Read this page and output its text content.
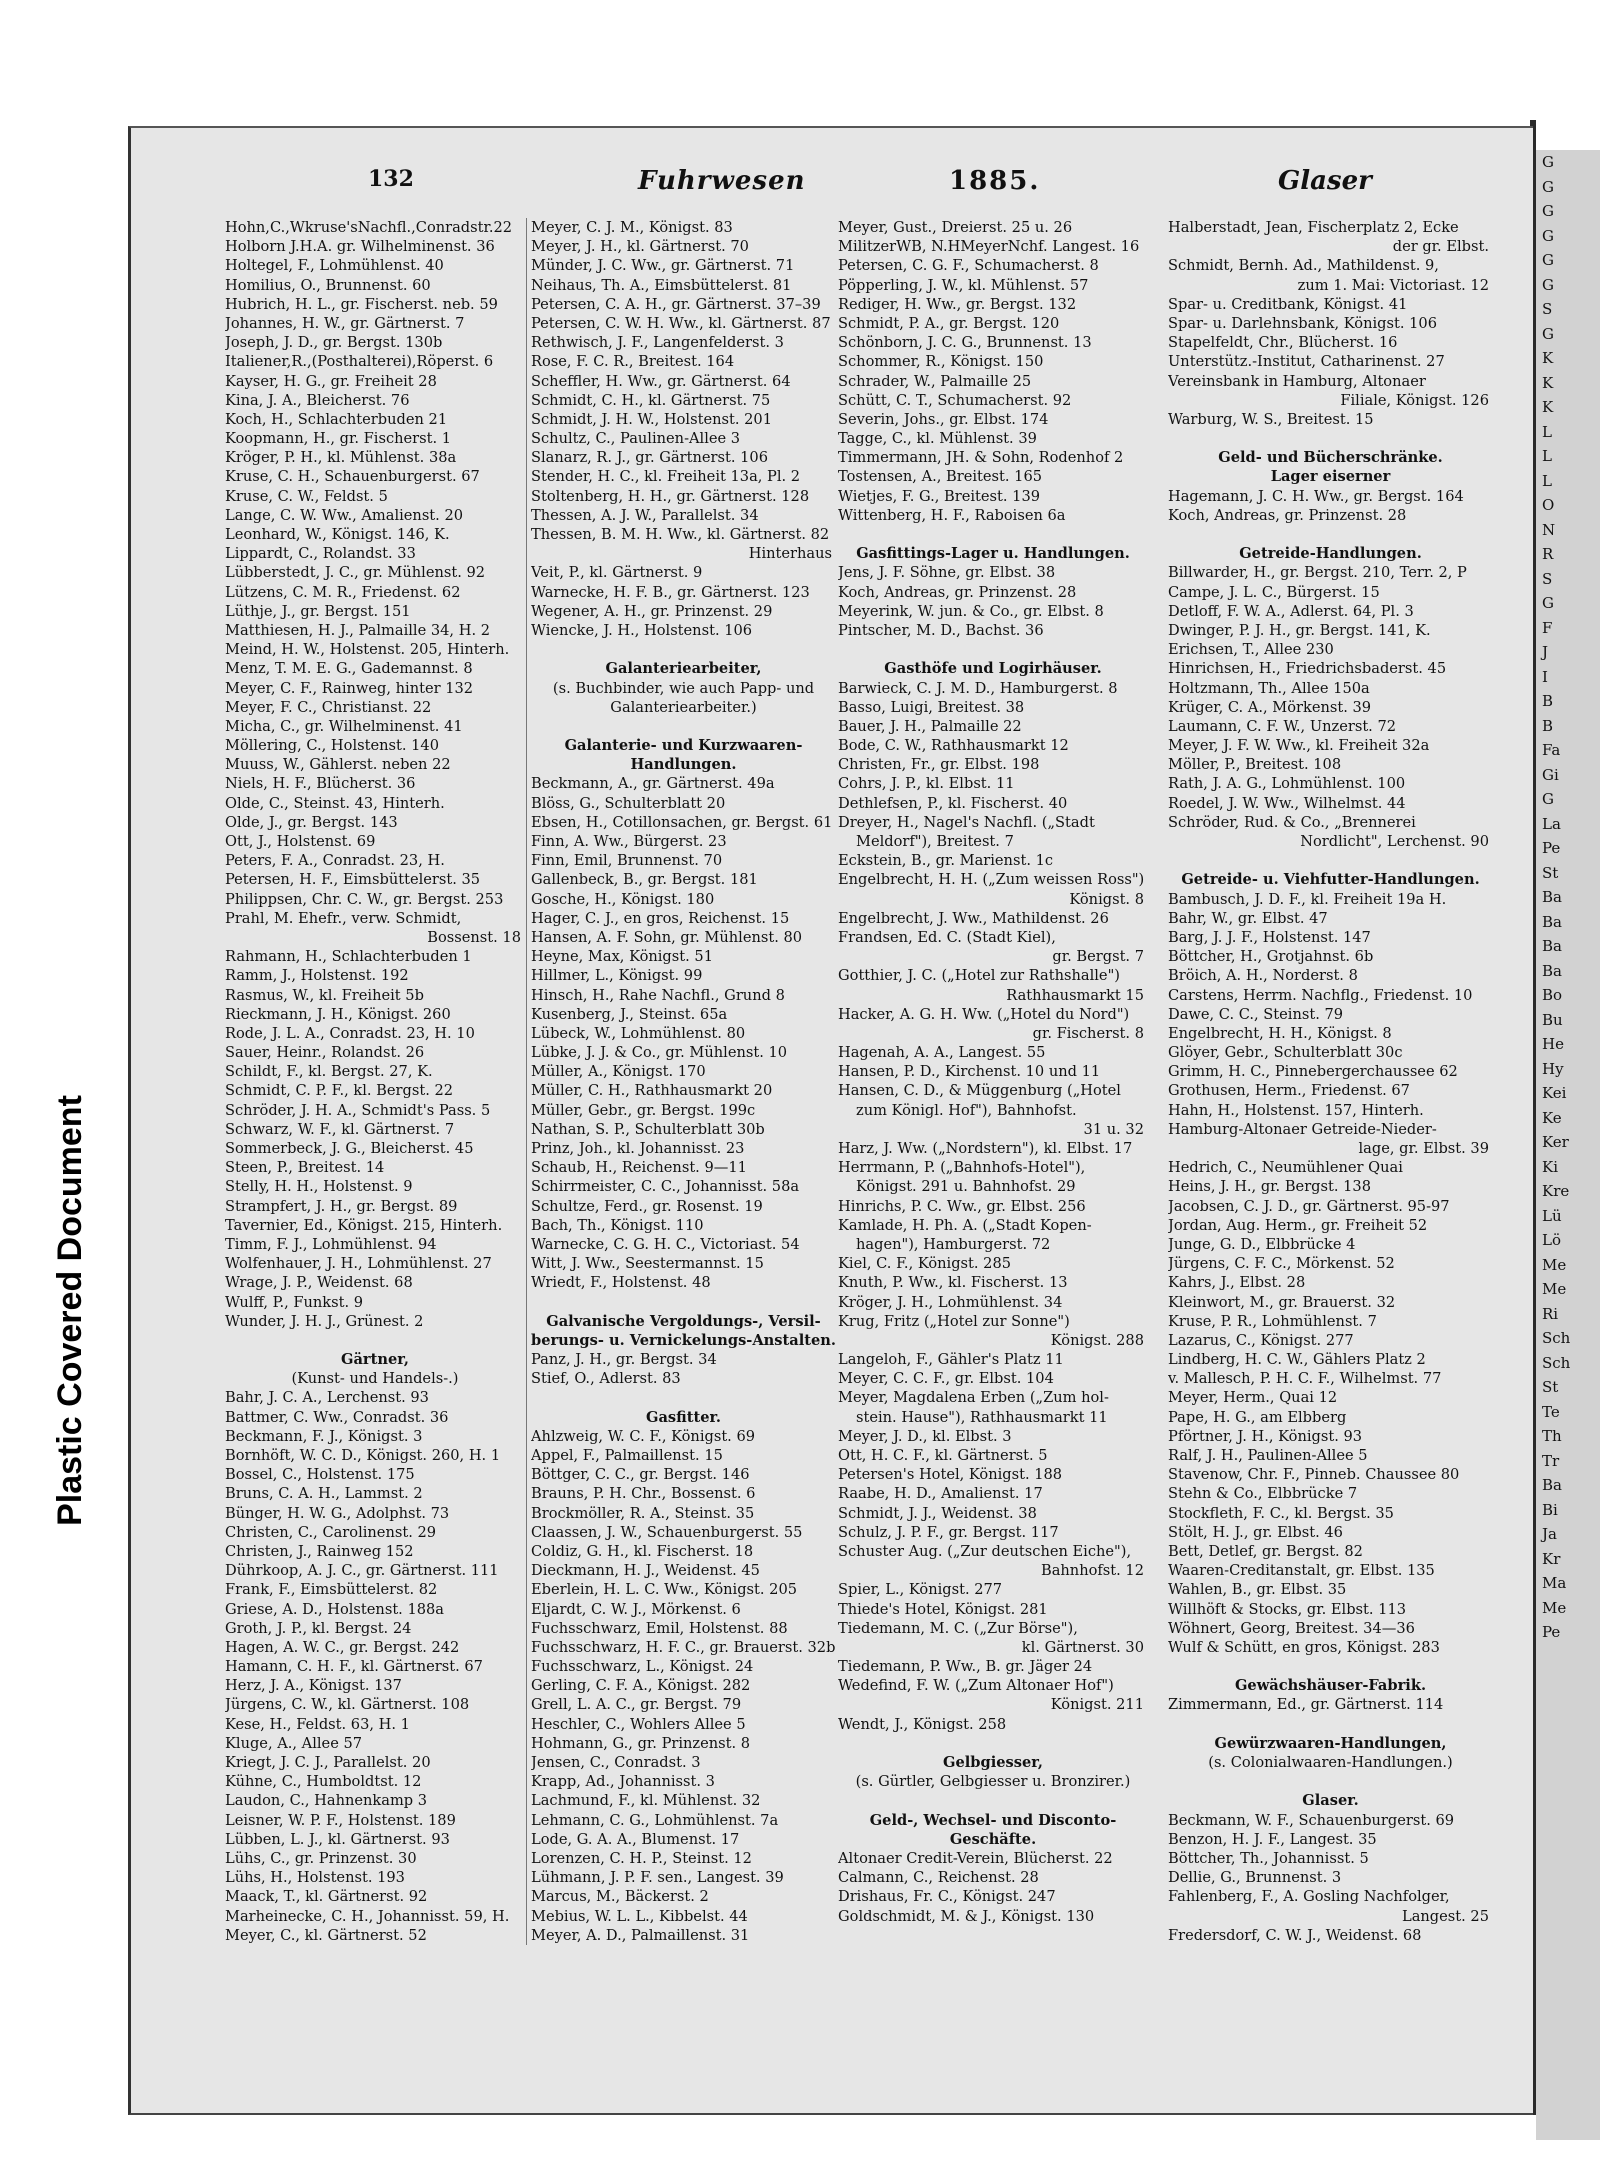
Plastic Covered Document
G
G
G
G
G
G
S
G
K
K
K
L
L
L
O
N
R
S
G
F
J
I
B
B
Fa
Gi
G
La
Pe
St
Ba
Ba
Ba
Ba
Bo
Bu
He
Hy
Kei
Ke
Ker
Ki
Kre
Lü
Lö
Me
Me
Ri
Sch
Sch
St
Te
Th
Tr
Ba
Bi
Ja
Kr
Ma
Me
Pe
132	Fuhrwesen	1885.	Glaser
Hohn,C.,Wkruse'sNachfl.,Conradstr.22
Holborn J.H.A. gr. Wilhelminenst. 36
Holtegel, F., Lohmühlenst. 40
Homilius, O., Brunnenst. 60
Hubrich, H. L., gr. Fischerst. neb. 59
Johannes, H. W., gr. Gärtnerst. 7
Joseph, J. D., gr. Bergst. 130b
Italiener,R.,(Posthalterei),Röperst. 6
Kayser, H. G., gr. Freiheit 28
Kina, J. A., Bleicherst. 76
Koch, H., Schlachterbuden 21
Koopmann, H., gr. Fischerst. 1
Kröger, P. H., kl. Mühlenst. 38a
Kruse, C. H., Schauenburgerst. 67
Kruse, C. W., Feldst. 5
Lange, C. W. Ww., Amalienst. 20
Leonhard, W., Königst. 146, K.
Lippardt, C., Rolandst. 33
Lübberstedt, J. C., gr. Mühlenst. 92
Lützens, C. M. R., Friedenst. 62
Lüthje, J., gr. Bergst. 151
Matthiesen, H. J., Palmaille 34, H. 2
Meind, H. W., Holstenst. 205, Hinterh.
Menz, T. M. E. G., Gademannst. 8
Meyer, C. F., Rainweg, hinter 132
Meyer, F. C., Christianst. 22
Micha, C., gr. Wilhelminenst. 41
Möllering, C., Holstenst. 140
Muuss, W., Gählerst. neben 22
Niels, H. F., Blücherst. 36
Olde, C., Steinst. 43, Hinterh.
Olde, J., gr. Bergst. 143
Ott, J., Holstenst. 69
Peters, F. A., Conradst. 23, H.
Petersen, H. F., Eimsbüttelerst. 35
Philippsen, Chr. C. W., gr. Bergst. 253
Prahl, M. Ehefr., verw. Schmidt,
Bossenst. 18
Rahmann, H., Schlachterbuden 1
Ramm, J., Holstenst. 192
Rasmus, W., kl. Freiheit 5b
Rieckmann, J. H., Königst. 260
Rode, J. L. A., Conradst. 23, H. 10
Sauer, Heinr., Rolandst. 26
Schildt, F., kl. Bergst. 27, K.
Schmidt, C. P. F., kl. Bergst. 22
Schröder, J. H. A., Schmidt's Pass. 5
Schwarz, W. F., kl. Gärtnerst. 7
Sommerbeck, J. G., Bleicherst. 45
Steen, P., Breitest. 14
Stelly, H. H., Holstenst. 9
Strampfert, J. H., gr. Bergst. 89
Tavernier, Ed., Königst. 215, Hinterh.
Timm, F. J., Lohmühlenst. 94
Wolfenhauer, J. H., Lohmühlenst. 27
Wrage, J. P., Weidenst. 68
Wulff, P., Funkst. 9
Wunder, J. H. J., Grünest. 2
Gärtner,
(Kunst- und Handels-.)
Bahr, J. C. A., Lerchenst. 93
Battmer, C. Ww., Conradst. 36
Beckmann, F. J., Königst. 3
Bornhöft, W. C. D., Königst. 260, H. 1
Bossel, C., Holstenst. 175
Bruns, C. A. H., Lammst. 2
Bünger, H. W. G., Adolphst. 73
Christen, C., Carolinenst. 29
Christen, J., Rainweg 152
Dührkoop, A. J. C., gr. Gärtnerst. 111
Frank, F., Eimsbüttelerst. 82
Griese, A. D., Holstenst. 188a
Groth, J. P., kl. Bergst. 24
Hagen, A. W. C., gr. Bergst. 242
Hamann, C. H. F., kl. Gärtnerst. 67
Herz, J. A., Königst. 137
Jürgens, C. W., kl. Gärtnerst. 108
Kese, H., Feldst. 63, H. 1
Kluge, A., Allee 57
Kriegt, J. C. J., Parallelst. 20
Kühne, C., Humboldtst. 12
Laudon, C., Hahnenkamp 3
Leisner, W. P. F., Holstenst. 189
Lübben, L. J., kl. Gärtnerst. 93
Lühs, C., gr. Prinzenst. 30
Lühs, H., Holstenst. 193
Maack, T., kl. Gärtnerst. 92
Marheinecke, C. H., Johannisst. 59, H.
Meyer, C., kl. Gärtnerst. 52
Meyer, C. J. M., Königst. 83
Meyer, J. H., kl. Gärtnerst. 70
Münder, J. C. Ww., gr. Gärtnerst. 71
Neihaus, Th. A., Eimsbüttelerst. 81
Petersen, C. A. H., gr. Gärtnerst. 37–39
Petersen, C. W. H. Ww., kl. Gärtnerst. 87
Rethwisch, J. F., Langenfelderst. 3
Rose, F. C. R., Breitest. 164
Scheffler, H. Ww., gr. Gärtnerst. 64
Schmidt, C. H., kl. Gärtnerst. 75
Schmidt, J. H. W., Holstenst. 201
Schultz, C., Paulinen-Allee 3
Slanarz, R. J., gr. Gärtnerst. 106
Stender, H. C., kl. Freiheit 13a, Pl. 2
Stoltenberg, H. H., gr. Gärtnerst. 128
Thessen, A. J. W., Parallelst. 34
Thessen, B. M. H. Ww., kl. Gärtnerst. 82
Hinterhaus
Veit, P., kl. Gärtnerst. 9
Warnecke, H. F. B., gr. Gärtnerst. 123
Wegener, A. H., gr. Prinzenst. 29
Wiencke, J. H., Holstenst. 106
Galanteriearbeiter,
(s. Buchbinder, wie auch Papp- und
Galanteriearbeiter.)
Galanterie- und Kurzwaaren-
Handlungen.
Beckmann, A., gr. Gärtnerst. 49a
Blöss, G., Schulterblatt 20
Ebsen, H., Cotillonsachen, gr. Bergst. 61
Finn, A. Ww., Bürgerst. 23
Finn, Emil, Brunnenst. 70
Gallenbeck, B., gr. Bergst. 181
Gosche, H., Königst. 180
Hager, C. J., en gros, Reichenst. 15
Hansen, A. F. Sohn, gr. Mühlenst. 80
Heyne, Max, Königst. 51
Hillmer, L., Königst. 99
Hinsch, H., Rahe Nachfl., Grund 8
Kusenberg, J., Steinst. 65a
Lübeck, W., Lohmühlenst. 80
Lübke, J. J. & Co., gr. Mühlenst. 10
Müller, A., Königst. 170
Müller, C. H., Rathhausmarkt 20
Müller, Gebr., gr. Bergst. 199c
Nathan, S. P., Schulterblatt 30b
Prinz, Joh., kl. Johannisst. 23
Schaub, H., Reichenst. 9—11
Schirrmeister, C. C., Johannisst. 58a
Schultze, Ferd., gr. Rosenst. 19
Bach, Th., Königst. 110
Warnecke, C. G. H. C., Victoriast. 54
Witt, J. Ww., Seestermannst. 15
Wriedt, F., Holstenst. 48
Galvanische Vergoldungs-, Versil-
berungs- u. Vernickelungs-Anstalten.
Panz, J. H., gr. Bergst. 34
Stief, O., Adlerst. 83
Gasfitter.
Ahlzweig, W. C. F., Königst. 69
Appel, F., Palmaillenst. 15
Böttger, C. C., gr. Bergst. 146
Brauns, P. H. Chr., Bossenst. 6
Brockmöller, R. A., Steinst. 35
Claassen, J. W., Schauenburgerst. 55
Coldiz, G. H., kl. Fischerst. 18
Dieckmann, H. J., Weidenst. 45
Eberlein, H. L. C. Ww., Königst. 205
Eljardt, C. W. J., Mörkenst. 6
Fuchsschwarz, Emil, Holstenst. 88
Fuchsschwarz, H. F. C., gr. Brauerst. 32b
Fuchsschwarz, L., Königst. 24
Gerling, C. F. A., Königst. 282
Grell, L. A. C., gr. Bergst. 79
Heschler, C., Wohlers Allee 5
Hohmann, G., gr. Prinzenst. 8
Jensen, C., Conradst. 3
Krapp, Ad., Johannisst. 3
Lachmund, F., kl. Mühlenst. 32
Lehmann, C. G., Lohmühlenst. 7a
Lode, G. A. A., Blumenst. 17
Lorenzen, C. H. P., Steinst. 12
Lühmann, J. P. F. sen., Langest. 39
Marcus, M., Bäckerst. 2
Mebius, W. L. L., Kibbelst. 44
Meyer, A. D., Palmaillenst. 31
Meyer, Gust., Dreierst. 25 u. 26
MilitzerWB, N.HMeyerNchf. Langest. 16
Petersen, C. G. F., Schumacherst. 8
Pöpperling, J. W., kl. Mühlenst. 57
Rediger, H. Ww., gr. Bergst. 132
Schmidt, P. A., gr. Bergst. 120
Schönborn, J. C. G., Brunnenst. 13
Schommer, R., Königst. 150
Schrader, W., Palmaille 25
Schütt, C. T., Schumacherst. 92
Severin, Johs., gr. Elbst. 174
Tagge, C., kl. Mühlenst. 39
Timmermann, JH. & Sohn, Rodenhof 2
Tostensen, A., Breitest. 165
Wietjes, F. G., Breitest. 139
Wittenberg, H. F., Raboisen 6a
Gasfittings-Lager u. Handlungen.
Jens, J. F. Söhne, gr. Elbst. 38
Koch, Andreas, gr. Prinzenst. 28
Meyerink, W. jun. & Co., gr. Elbst. 8
Pintscher, M. D., Bachst. 36
Gasthöfe und Logirhäuser.
Barwieck, C. J. M. D., Hamburgerst. 8
Basso, Luigi, Breitest. 38
Bauer, J. H., Palmaille 22
Bode, C. W., Rathhausmarkt 12
Christen, Fr., gr. Elbst. 198
Cohrs, J. P., kl. Elbst. 11
Dethlefsen, P., kl. Fischerst. 40
Dreyer, H., Nagel's Nachfl. („Stadt
Meldorf"), Breitest. 7
Eckstein, B., gr. Marienst. 1c
Engelbrecht, H. H. („Zum weissen Ross")
Königst. 8
Engelbrecht, J. Ww., Mathildenst. 26
Frandsen, Ed. C. (Stadt Kiel),
gr. Bergst. 7
Gotthier, J. C. („Hotel zur Rathshalle")
Rathhausmarkt 15
Hacker, A. G. H. Ww. („Hotel du Nord")
gr. Fischerst. 8
Hagenah, A. A., Langest. 55
Hansen, P. D., Kirchenst. 10 und 11
Hansen, C. D., & Müggenburg („Hotel
zum Königl. Hof"), Bahnhofst.
31 u. 32
Harz, J. Ww. („Nordstern"), kl. Elbst. 17
Herrmann, P. („Bahnhofs-Hotel"),
Königst. 291 u. Bahnhofst. 29
Hinrichs, P. C. Ww., gr. Elbst. 256
Kamlade, H. Ph. A. („Stadt Kopen-
hagen"), Hamburgerst. 72
Kiel, C. F., Königst. 285
Knuth, P. Ww., kl. Fischerst. 13
Kröger, J. H., Lohmühlenst. 34
Krug, Fritz („Hotel zur Sonne")
Königst. 288
Langeloh, F., Gähler's Platz 11
Meyer, C. C. F., gr. Elbst. 104
Meyer, Magdalena Erben („Zum hol-
stein. Hause"), Rathhausmarkt 11
Meyer, J. D., kl. Elbst. 3
Ott, H. C. F., kl. Gärtnerst. 5
Petersen's Hotel, Königst. 188
Raabe, H. D., Amalienst. 17
Schmidt, J. J., Weidenst. 38
Schulz, J. P. F., gr. Bergst. 117
Schuster Aug. („Zur deutschen Eiche"),
Bahnhofst. 12
Spier, L., Königst. 277
Thiede's Hotel, Königst. 281
Tiedemann, M. C. („Zur Börse"),
kl. Gärtnerst. 30
Tiedemann, P. Ww., B. gr. Jäger 24
Wedefind, F. W. („Zum Altonaer Hof")
Königst. 211
Wendt, J., Königst. 258
Gelbgiesser,
(s. Gürtler, Gelbgiesser u. Bronzirer.)
Geld-, Wechsel- und Disconto-
Geschäfte.
Altonaer Credit-Verein, Blücherst. 22
Calmann, C., Reichenst. 28
Drishaus, Fr. C., Königst. 247
Goldschmidt, M. & J., Königst. 130
Halberstadt, Jean, Fischerplatz 2, Ecke
der gr. Elbst.
Schmidt, Bernh. Ad., Mathildenst. 9,
zum 1. Mai: Victoriast. 12
Spar- u. Creditbank, Königst. 41
Spar- u. Darlehnsbank, Königst. 106
Stapelfeldt, Chr., Blücherst. 16
Unterstütz.-Institut, Catharinenst. 27
Vereinsbank in Hamburg, Altonaer
Filiale, Königst. 126
Warburg, W. S., Breitest. 15
Geld- und Bücherschränke.
Lager eiserner
Hagemann, J. C. H. Ww., gr. Bergst. 164
Koch, Andreas, gr. Prinzenst. 28
Getreide-Handlungen.
Billwarder, H., gr. Bergst. 210, Terr. 2, P
Campe, J. L. C., Bürgerst. 15
Detloff, F. W. A., Adlerst. 64, Pl. 3
Dwinger, P. J. H., gr. Bergst. 141, K.
Erichsen, T., Allee 230
Hinrichsen, H., Friedrichsbaderst. 45
Holtzmann, Th., Allee 150a
Krüger, C. A., Mörkenst. 39
Laumann, C. F. W., Unzerst. 72
Meyer, J. F. W. Ww., kl. Freiheit 32a
Möller, P., Breitest. 108
Rath, J. A. G., Lohmühlenst. 100
Roedel, J. W. Ww., Wilhelmst. 44
Schröder, Rud. & Co., „Brennerei
Nordlicht", Lerchenst. 90
Getreide- u. Viehfutter-Handlungen.
Bambusch, J. D. F., kl. Freiheit 19a H.
Bahr, W., gr. Elbst. 47
Barg, J. J. F., Holstenst. 147
Böttcher, H., Grotjahnst. 6b
Bröich, A. H., Norderst. 8
Carstens, Herrm. Nachflg., Friedenst. 10
Dawe, C. C., Steinst. 79
Engelbrecht, H. H., Königst. 8
Glöyer, Gebr., Schulterblatt 30c
Grimm, H. C., Pinnebergerchaussee 62
Grothusen, Herm., Friedenst. 67
Hahn, H., Holstenst. 157, Hinterh.
Hamburg-Altonaer Getreide-Nieder-
lage, gr. Elbst. 39
Hedrich, C., Neumühlener Quai
Heins, J. H., gr. Bergst. 138
Jacobsen, C. J. D., gr. Gärtnerst. 95-97
Jordan, Aug. Herm., gr. Freiheit 52
Junge, G. D., Elbbrücke 4
Jürgens, C. F. C., Mörkenst. 52
Kahrs, J., Elbst. 28
Kleinwort, M., gr. Brauerst. 32
Kruse, P. R., Lohmühlenst. 7
Lazarus, C., Königst. 277
Lindberg, H. C. W., Gählers Platz 2
v. Mallesch, P. H. C. F., Wilhelmst. 77
Meyer, Herm., Quai 12
Pape, H. G., am Elbberg
Pförtner, J. H., Königst. 93
Ralf, J. H., Paulinen-Allee 5
Stavenow, Chr. F., Pinneb. Chaussee 80
Stehn & Co., Elbbrücke 7
Stockfleth, F. C., kl. Bergst. 35
Stölt, H. J., gr. Elbst. 46
Bett, Detlef, gr. Bergst. 82
Waaren-Creditanstalt, gr. Elbst. 135
Wahlen, B., gr. Elbst. 35
Willhöft & Stocks, gr. Elbst. 113
Wöhnert, Georg, Breitest. 34—36
Wulf & Schütt, en gros, Königst. 283
Gewächshäuser-Fabrik.
Zimmermann, Ed., gr. Gärtnerst. 114
Gewürzwaaren-Handlungen,
(s. Colonialwaaren-Handlungen.)
Glaser.
Beckmann, W. F., Schauenburgerst. 69
Benzon, H. J. F., Langest. 35
Böttcher, Th., Johannisst. 5
Dellie, G., Brunnenst. 3
Fahlenberg, F., A. Gosling Nachfolger,
Langest. 25
Fredersdorf, C. W. J., Weidenst. 68
